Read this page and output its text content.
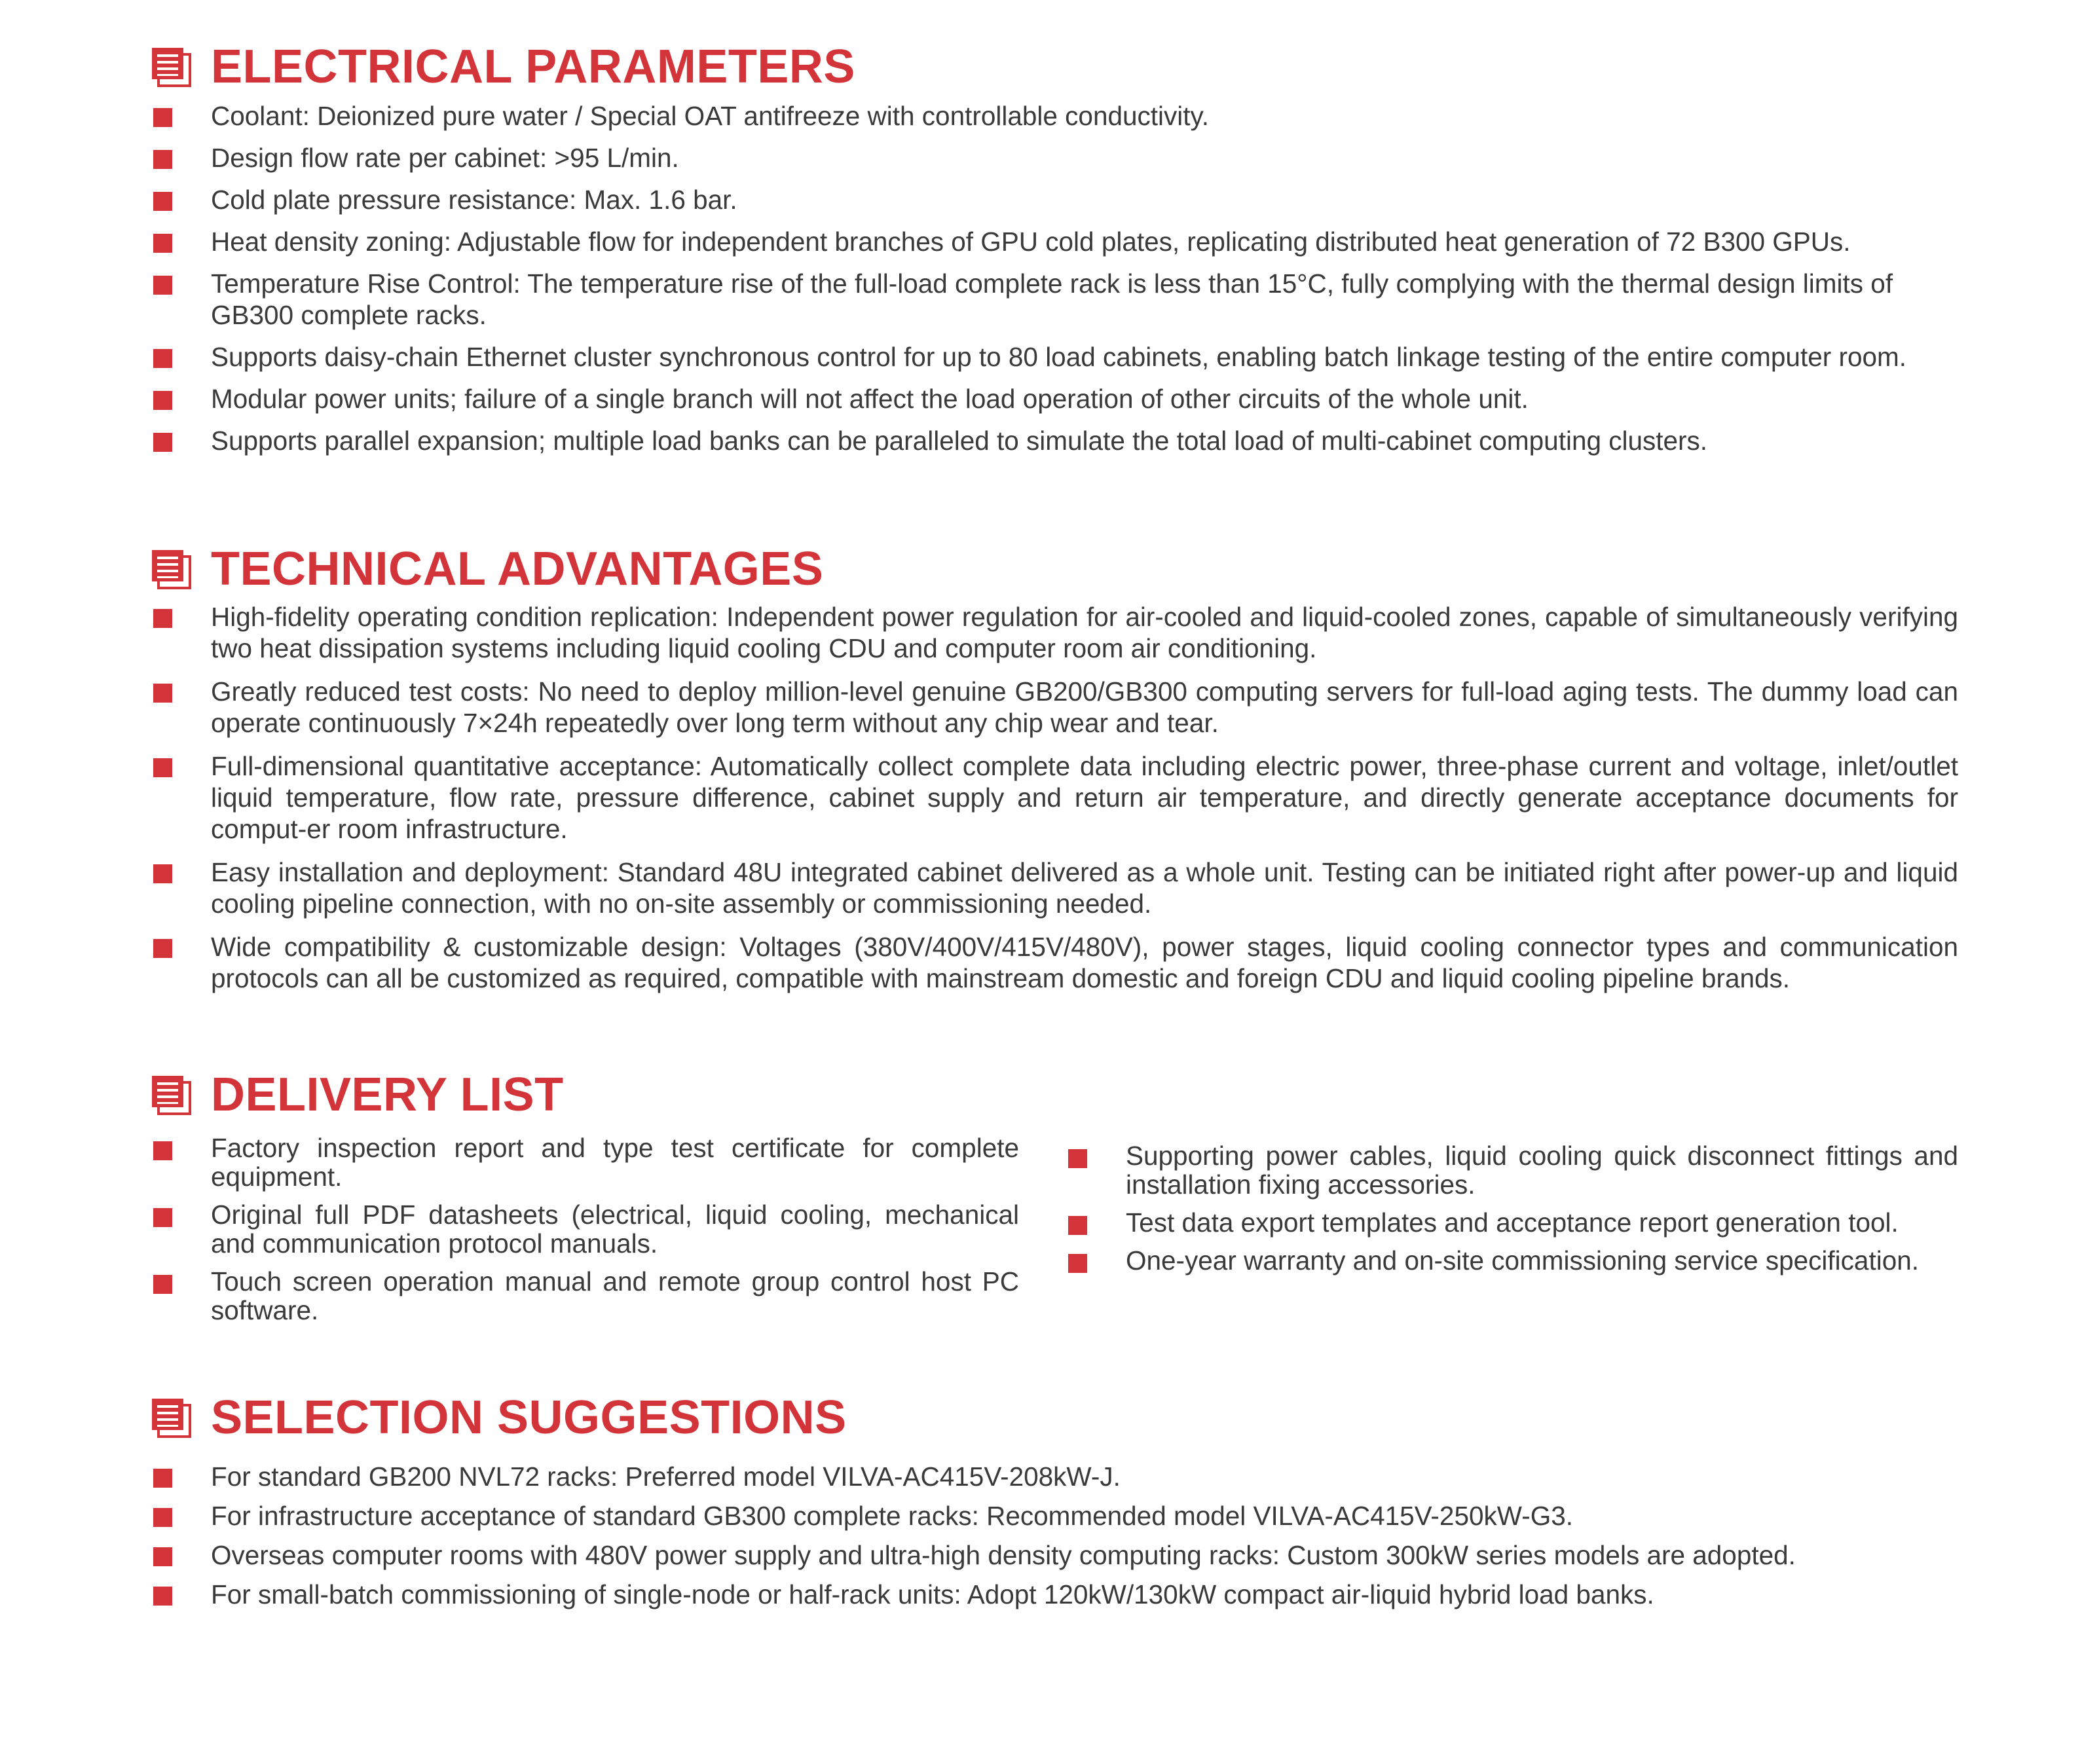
ELECTRICAL PARAMETERS
Coolant: Deionized pure water / Special OAT antifreeze with controllable conductivity.
Design flow rate per cabinet: >95 L/min.
Cold plate pressure resistance: Max. 1.6 bar.
Heat density zoning: Adjustable flow for independent branches of GPU cold plates, replicating distributed heat generation of 72 B300 GPUs.
Temperature Rise Control: The temperature rise of the full-load complete rack is less than 15°C, fully complying with the thermal design limits of GB300 complete racks.
Supports daisy-chain Ethernet cluster synchronous control for up to 80 load cabinets, enabling batch linkage testing of the entire computer room.
Modular power units; failure of a single branch will not affect the load operation of other circuits of the whole unit.
Supports parallel expansion; multiple load banks can be paralleled to simulate the total load of multi-cabinet computing clusters.
TECHNICAL ADVANTAGES
High-fidelity operating condition replication: Independent power regulation for air-cooled and liquid-cooled zones, capable of simultaneously verifying two heat dissipation systems including liquid cooling CDU and computer room air conditioning.
Greatly reduced test costs: No need to deploy million-level genuine GB200/GB300 computing servers for full-load aging tests. The dummy load can operate continuously 7×24h repeatedly over long term without any chip wear and tear.
Full-dimensional quantitative acceptance: Automatically collect complete data including electric power, three-phase current and voltage, inlet/outlet liquid temperature, flow rate, pressure difference, cabinet supply and return air temperature, and directly generate acceptance documents for comput-er room infrastructure.
Easy installation and deployment: Standard 48U integrated cabinet delivered as a whole unit. Testing can be initiated right after power-up and liquid cooling pipeline connection, with no on-site assembly or commissioning needed.
Wide compatibility & customizable design: Voltages (380V/400V/415V/480V), power stages, liquid cooling connector types and communication protocols can all be customized as required, compatible with mainstream domestic and foreign CDU and liquid cooling pipeline brands.
DELIVERY LIST
Factory inspection report and type test certificate for complete equipment.
Original full PDF datasheets (electrical, liquid cooling, mechanical and communication protocol manuals.
Touch screen operation manual and remote group control host PC software.
Supporting power cables, liquid cooling quick disconnect fittings and installation fixing accessories.
Test data export templates and acceptance report generation tool.
One-year warranty and on-site commissioning service specification.
SELECTION SUGGESTIONS
For standard GB200 NVL72 racks: Preferred model VILVA-AC415V-208kW-J.
For infrastructure acceptance of standard GB300 complete racks: Recommended model VILVA-AC415V-250kW-G3.
Overseas computer rooms with 480V power supply and ultra-high density computing racks: Custom 300kW series models are adopted.
For small-batch commissioning of single-node or half-rack units: Adopt 120kW/130kW compact air-liquid hybrid load banks.
